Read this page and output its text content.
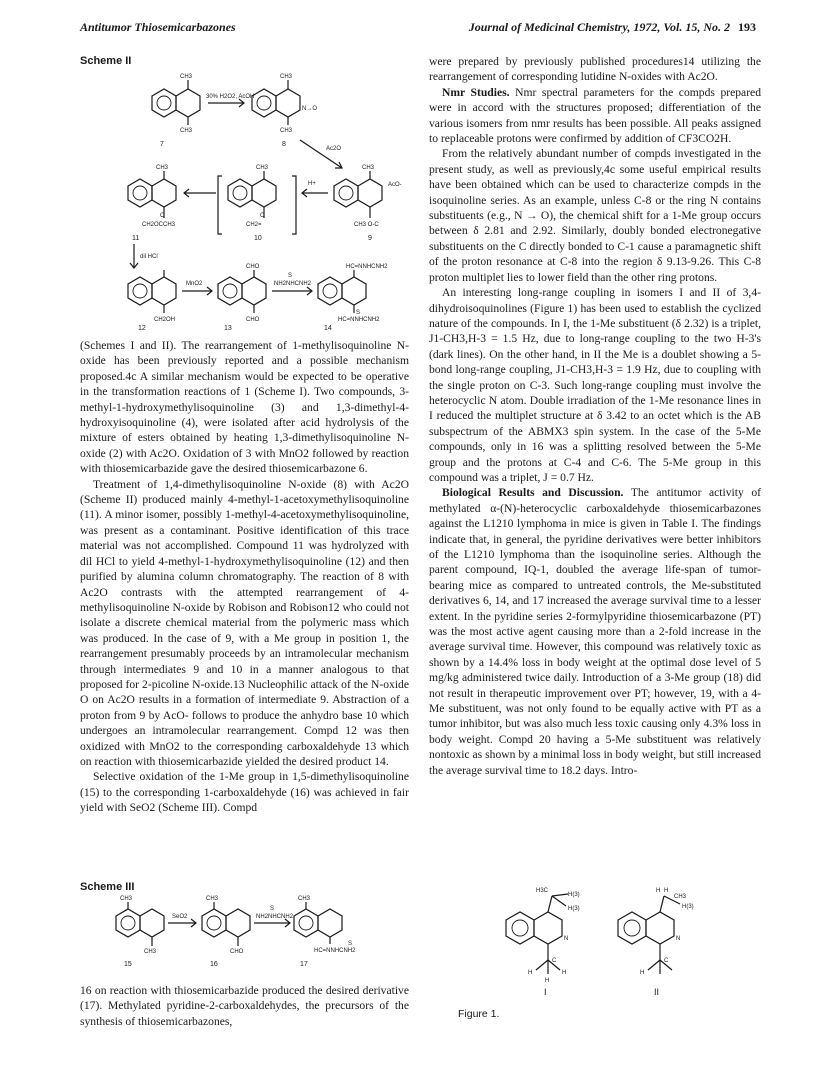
Antitumor Thiosemicarbazones	Journal of Medicinal Chemistry, 1972, Vol. 15, No. 2 193
Scheme II
CH3
CH3
CH3
CH3
N→O
30% H2O2, AcOH
Ac2O
CH3
CH2OCCH3
O
CH3
CH2=
O
CH3
CH3 O-C
H+	AcO-
dil HCl
CH2OH
CHO
CHO
HC=NNHCNH2
HC=NNHCNH2
S
MnO2	NH2NHCNH2
S
7	8
9
10
11
12	13	14

(Schemes I and II). The rearrangement of 1-methylisoquinoline N-oxide has been previously reported and a possible mechanism proposed.4c A similar mechanism would be expected to be operative in the transformation reactions of 1 (Scheme I). Two compounds, 3-methyl-1-hydroxymethylisoquinoline (3) and 1,3-dimethyl-4-hydroxyisoquinoline (4), were isolated after acid hydrolysis of the mixture of esters obtained by heating 1,3-dimethylisoquinoline N-oxide (2) with Ac2O. Oxidation of 3 with MnO2 followed by reaction with thiosemicarbazide gave the desired thiosemicarbazone 6.

Treatment of 1,4-dimethylisoquinoline N-oxide (8) with Ac2O (Scheme II) produced mainly 4-methyl-1-acetoxymethylisoquinoline (11). A minor isomer, possibly 1-methyl-4-acetoxymethylisoquinoline, was present as a contaminant. Positive identification of this trace material was not accomplished. Compound 11 was hydrolyzed with dil HCl to yield 4-methyl-1-hydroxymethylisoquinoline (12) and then purified by alumina column chromatography. The reaction of 8 with Ac2O contrasts with the attempted rearrangement of 4-methylisoquinoline N-oxide by Robison and Robison12 who could not isolate a discrete chemical material from the polymeric mass which was produced. In the case of 9, with a Me group in position 1, the rearrangement presumably proceeds by an intramolecular mechanism through intermediates 9 and 10 in a manner analogous to that proposed for 2-picoline N-oxide.13 Nucleophilic attack of the N-oxide O on Ac2O results in a formation of intermediate 9. Abstraction of a proton from 9 by AcO- follows to produce the anhydro base 10 which undergoes an intramolecular rearrangement. Compd 12 was then oxidized with MnO2 to the corresponding carboxaldehyde 13 which on reaction with thiosemicarbazide yielded the desired product 14.

Selective oxidation of the 1-Me group in 1,5-dimethylisoquinoline (15) to the corresponding 1-carboxaldehyde (16) was achieved in fair yield with SeO2 (Scheme III). Compd

Scheme III
CH3
CH3
CH3
CHO
CH3
HC=NNHCNH2
S
SeO2	NH2NHCNH2
S
15	16	17

16 on reaction with thiosemicarbazide produced the desired derivative (17). Methylated pyridine-2-carboxaldehydes, the precursors of the synthesis of thiosemicarbazones,

were prepared by previously published procedures14 utilizing the rearrangement of corresponding lutidine N-oxides with Ac2O.

Nmr Studies. Nmr spectral parameters for the compds prepared were in accord with the structures proposed; differentiation of the various isomers from nmr results has been possible. All peaks assigned to replaceable protons were confirmed by addition of CF3CO2H.

From the relatively abundant number of compds investigated in the present study, as well as previously,4c some useful empirical results have been obtained which can be used to characterize compds in the isoquinoline series. As an example, unless C-8 or the ring N contains substituents (e.g., N → O), the chemical shift for a 1-Me group occurs between δ 2.81 and 2.92. Similarly, doubly bonded electronegative substituents on the C directly bonded to C-1 cause a paramagnetic shift of the proton resonance at C-8 into the region δ 9.13-9.26. This C-8 proton multiplet lies to lower field than the other ring protons.

An interesting long-range coupling in isomers I and II of 3,4-dihydroisoquinolines (Figure 1) has been used to establish the cyclized nature of the compounds. In I, the 1-Me substituent (δ 2.32) is a triplet, J1-CH3,H-3 = 1.5 Hz, due to long-range coupling to the two H-3's (dark lines). On the other hand, in II the Me is a doublet showing a 5-bond long-range coupling, J1-CH3,H-3 = 1.9 Hz, due to coupling with the single proton on C-3. Such long-range coupling must involve the heterocyclic N atom. Double irradiation of the 1-Me resonance lines in I reduced the multiplet structure at δ 3.42 to an octet which is the AB subspectrum of the ABMX3 spin system. In the case of the 5-Me compounds, only in 16 was a splitting resolved between the 5-Me group and the protons at C-4 and C-6. The 5-Me group in this compound was a triplet, J = 0.7 Hz.

Biological Results and Discussion. The antitumor activity of methylated α-(N)-heterocyclic carboxaldehyde thiosemicarbazones against the L1210 lymphoma in mice is given in Table I. The findings indicate that, in general, the pyridine derivatives were better inhibitors of the L1210 lymphoma than the isoquinoline series. Although the parent compound, IQ-1, doubled the average life-span of tumor-bearing mice as compared to untreated controls, the Me-substituted derivatives 6, 14, and 17 increased the average survival time to a lesser extent. In the pyridine series 2-formylpyridine thiosemicarbazone (PT) was the most active agent causing more than a 2-fold increase in the average survival time. However, this compound was relatively toxic as shown by a 14.4% loss in body weight at the optimal dose level of 5 mg/kg administered twice daily. Introduction of a 3-Me group (18) did not result in therapeutic improvement over PT; however, 19, with a 4-Me substituent, was not only found to be equally active with PT as a tumor inhibitor, but was also much less toxic causing only 4.3% loss in body weight. Compd 20 having a 5-Me substituent was relatively nontoxic as shown by a minimal loss in body weight, but still increased the average survival time to 18.2 days. Intro-

H3C
H(3)
H(3)
N
C
H	H
H
H H
CH3
H(3)
N
C
H
I	II
Figure 1.
